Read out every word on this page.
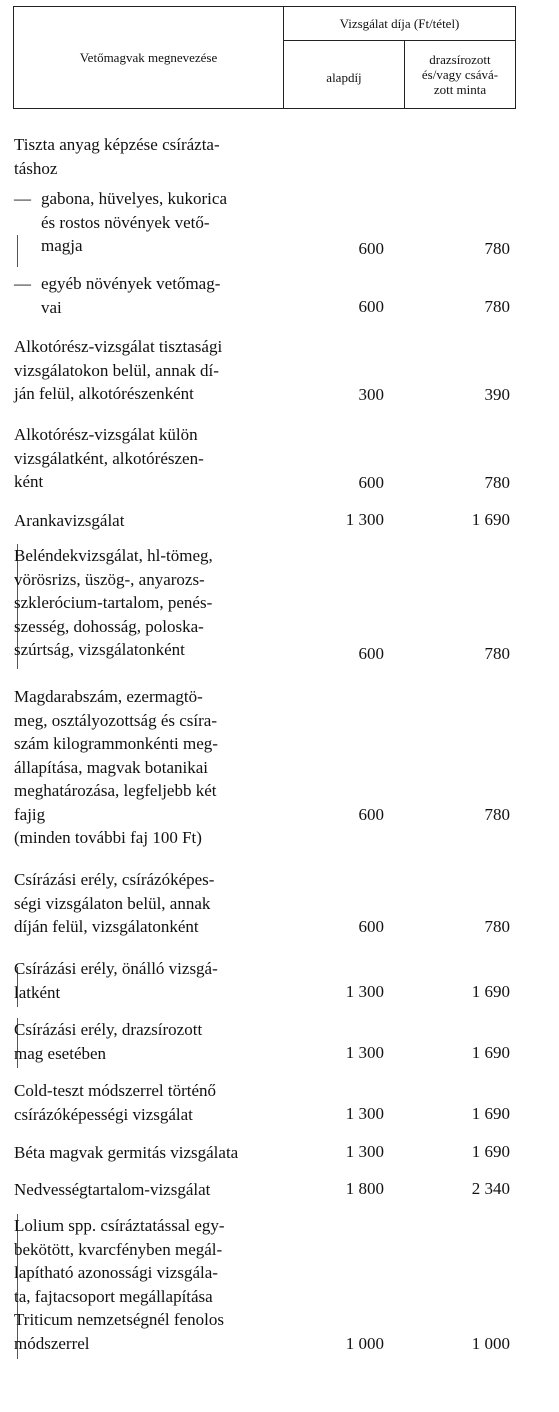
Vetőmagvak megnevezése
Vizsgálat díja (Ft/tétel)
alapdíj
drazsírozott
és/vagy csává-
zott minta
Tiszta anyag képzése csírázta-
táshoz
— gabona, hüvelyes, kukorica
és rostos növények vető-
magja	600	780
— egyéb növények vetőmag-
vai	600	780
Alkotórész-vizsgálat tisztasági
vizsgálatokon belül, annak dí-
ján felül, alkotórészenként	300	390
Alkotórész-vizsgálat külön
vizsgálatként, alkotórészen-
ként	600	780
Arankavizsgálat	1 300	1 690
Beléndekvizsgálat, hl-tömeg,
vörösrizs, üszög-, anyarozs-
szklerócium-tartalom, penés-
szesség, dohosság, poloska-
szúrtság, vizsgálatonként	600	780
Magdarabszám, ezermagtö-
meg, osztályozottság és csíra-
szám kilogrammonkénti meg-
állapítása, magvak botanikai
meghatározása, legfeljebb két
fajig
(minden további faj 100 Ft)
600	780
Csírázási erély, csírázóképes-
ségi vizsgálaton belül, annak
díján felül, vizsgálatonként	600	780
Csírázási erély, önálló vizsgá-
latként	1 300	1 690
Csírázási erély, drazsírozott
mag esetében	1 300	1 690
Cold-teszt módszerrel történő
csírázóképességi vizsgálat	1 300	1 690
Béta magvak germitás vizsgálata	1 300	1 690
Nedvességtartalom-vizsgálat	1 800	2 340
Lolium spp. csíráztatással egy-
bekötött, kvarcfényben megál-
lapítható azonossági vizsgála-
ta, fajtacsoport megállapítása
Triticum nemzetségnél fenolos
módszerrel	1 000	1 000
